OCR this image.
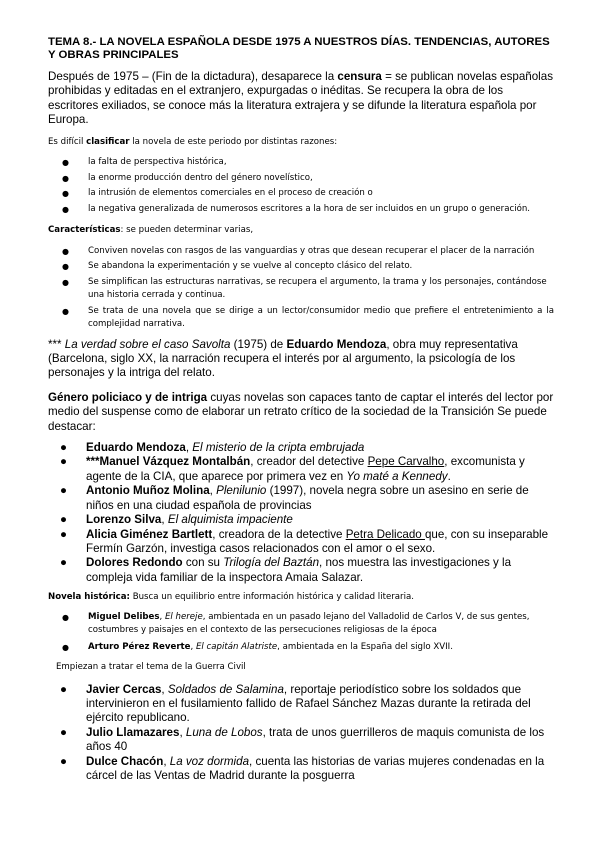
TEMA 8.- LA NOVELA ESPAÑOLA DESDE 1975 A NUESTROS DÍAS. TENDENCIAS, AUTORES Y OBRAS PRINCIPALES

Después de 1975 – (Fin de la dictadura), desaparece la censura = se publican novelas españolas prohibidas y editadas en el extranjero, expurgadas o inéditas. Se recupera la obra de los escritores exiliados, se conoce más la literatura extrajera y se difunde la literatura española por Europa.

Es difícil clasificar la novela de este periodo por distintas razones:

● la falta de perspectiva histórica,
● la enorme producción dentro del género novelístico,
● la intrusión de elementos comerciales en el proceso de creación o
● la negativa generalizada de numerosos escritores a la hora de ser incluidos en un grupo o generación.

Características: se pueden determinar varias,

● Conviven novelas con rasgos de las vanguardias y otras que desean recuperar el placer de la narración
● Se abandona la experimentación y se vuelve al concepto clásico del relato.
● Se simplifican las estructuras narrativas, se recupera el argumento, la trama y los personajes, contándose una historia cerrada y continua.
● Se trata de una novela que se dirige a un lector/consumidor medio que prefiere el entretenimiento a la complejidad narrativa.

*** La verdad sobre el caso Savolta (1975) de Eduardo Mendoza, obra muy representativa (Barcelona, siglo XX, la narración recupera el interés por al argumento, la psicología de los personajes y la intriga del relato.

Género policiaco y de intriga cuyas novelas son capaces tanto de captar el interés del lector por medio del suspense como de elaborar un retrato crítico de la sociedad de la Transición Se puede destacar:

● Eduardo Mendoza, El misterio de la cripta embrujada
● ***Manuel Vázquez Montalbán, creador del detective Pepe Carvalho, excomunista y agente de la CIA, que aparece por primera vez en Yo maté a Kennedy.
● Antonio Muñoz Molina, Plenilunio (1997), novela negra sobre un asesino en serie de niños en una ciudad española de provincias
● Lorenzo Silva, El alquimista impaciente
● Alicia Giménez Bartlett, creadora de la detective Petra Delicado que, con su inseparable Fermín Garzón, investiga casos relacionados con el amor o el sexo.
● Dolores Redondo con su Trilogía del Baztán, nos muestra las investigaciones y la compleja vida familiar de la inspectora Amaia Salazar.

Novela histórica: Busca un equilibrio entre información histórica y calidad literaria.

● Miguel Delibes, El hereje, ambientada en un pasado lejano del Valladolid de Carlos V, de sus gentes, costumbres y paisajes en el contexto de las persecuciones religiosas de la época
● Arturo Pérez Reverte, El capitán Alatriste, ambientada en la España del siglo XVII.

Empiezan a tratar el tema de la Guerra Civil

● Javier Cercas, Soldados de Salamina, reportaje periodístico sobre los soldados que intervinieron en el fusilamiento fallido de Rafael Sánchez Mazas durante la retirada del ejército republicano.
● Julio Llamazares, Luna de Lobos, trata de unos guerrilleros de maquis comunista de los años 40
● Dulce Chacón, La voz dormida, cuenta las historias de varias mujeres condenadas en la cárcel de las Ventas de Madrid durante la posguerra
